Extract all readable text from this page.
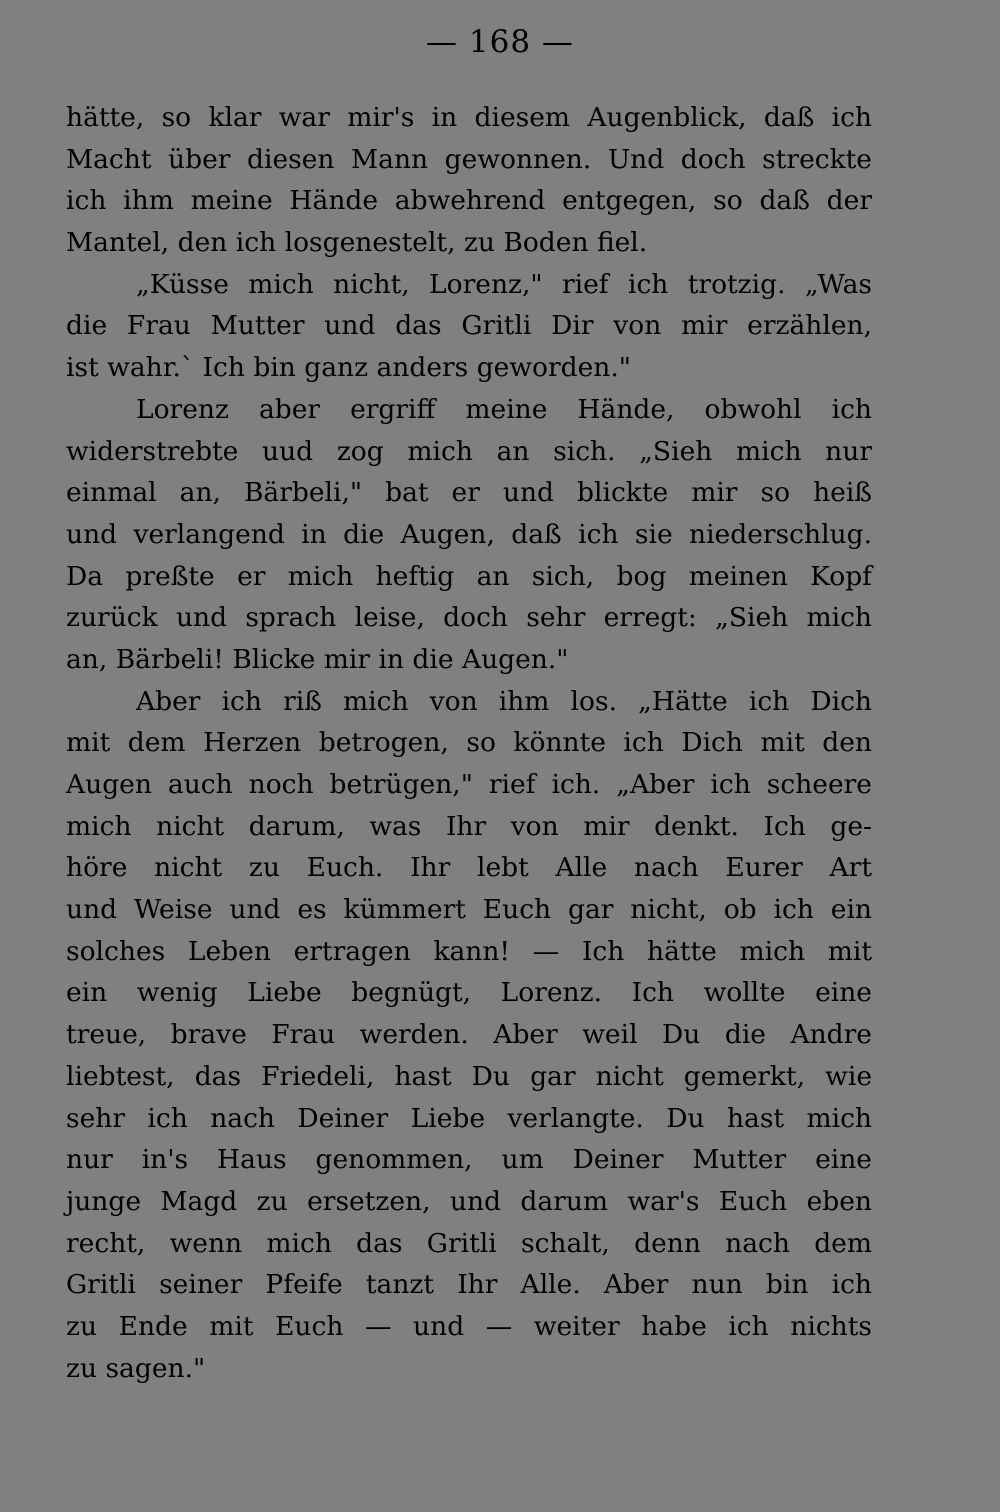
— 168 —
hätte, so klar war mir's in diesem Augenblick, daß ich
Macht über diesen Mann gewonnen. Und doch streckte
ich ihm meine Hände abwehrend entgegen, so daß der
Mantel, den ich losgenestelt, zu Boden fiel.
„Küsse mich nicht, Lorenz," rief ich trotzig. „Was
die Frau Mutter und das Gritli Dir von mir erzählen,
ist wahr.` Ich bin ganz anders geworden."
Lorenz aber ergriff meine Hände, obwohl ich
widerstrebte uud zog mich an sich. „Sieh mich nur
einmal an, Bärbeli," bat er und blickte mir so heiß
und verlangend in die Augen, daß ich sie niederschlug.
Da preßte er mich heftig an sich, bog meinen Kopf
zurück und sprach leise, doch sehr erregt: „Sieh mich
an, Bärbeli! Blicke mir in die Augen."
Aber ich riß mich von ihm los. „Hätte ich Dich
mit dem Herzen betrogen, so könnte ich Dich mit den
Augen auch noch betrügen," rief ich. „Aber ich scheere
mich nicht darum, was Ihr von mir denkt. Ich ge-
höre nicht zu Euch. Ihr lebt Alle nach Eurer Art
und Weise und es kümmert Euch gar nicht, ob ich ein
solches Leben ertragen kann! — Ich hätte mich mit
ein wenig Liebe begnügt, Lorenz. Ich wollte eine
treue, brave Frau werden. Aber weil Du die Andre
liebtest, das Friedeli, hast Du gar nicht gemerkt, wie
sehr ich nach Deiner Liebe verlangte. Du hast mich
nur in's Haus genommen, um Deiner Mutter eine
junge Magd zu ersetzen, und darum war's Euch eben
recht, wenn mich das Gritli schalt, denn nach dem
Gritli seiner Pfeife tanzt Ihr Alle. Aber nun bin ich
zu Ende mit Euch — und — weiter habe ich nichts
zu sagen."
